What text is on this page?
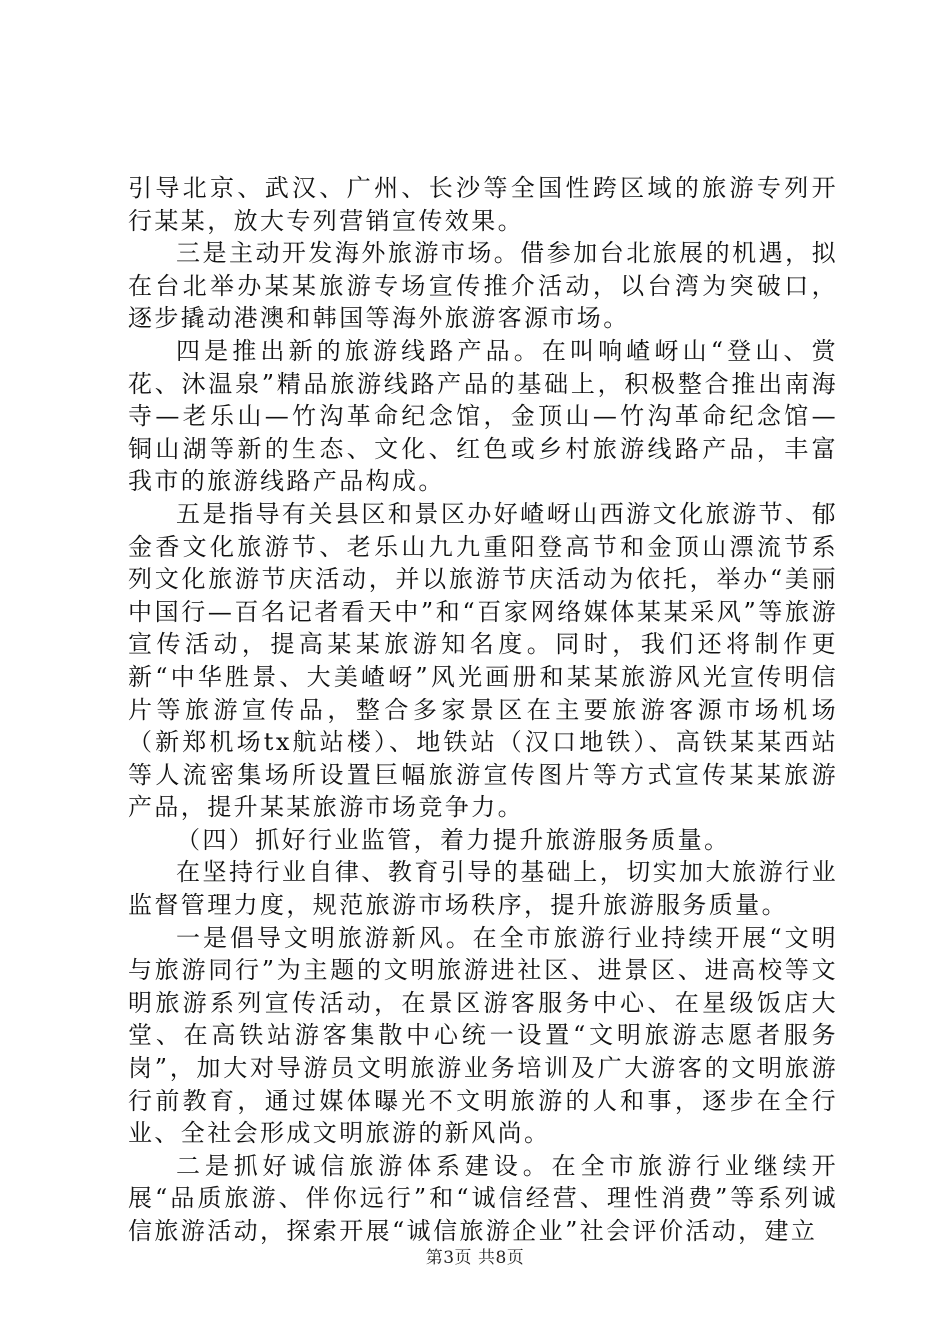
引导北京、武汉、广州、长沙等全国性跨区域的旅游专列开行某某，放大专列营销宣传效果。

三是主动开发海外旅游市场。借参加台北旅展的机遇，拟在台北举办某某旅游专场宣传推介活动，以台湾为突破口，逐步撬动港澳和韩国等海外旅游客源市场。

四是推出新的旅游线路产品。在叫响嵖岈山“登山、赏花、沐温泉”精品旅游线路产品的基础上，积极整合推出南海寺—老乐山—竹沟革命纪念馆，金顶山—竹沟革命纪念馆—铜山湖等新的生态、文化、红色或乡村旅游线路产品，丰富我市的旅游线路产品构成。

五是指导有关县区和景区办好嵖岈山西游文化旅游节、郁金香文化旅游节、老乐山九九重阳登高节和金顶山漂流节系列文化旅游节庆活动，并以旅游节庆活动为依托，举办“美丽中国行—百名记者看天中”和“百家网络媒体某某采风”等旅游宣传活动，提高某某旅游知名度。同时，我们还将制作更新“中华胜景、大美嵖岈”风光画册和某某旅游风光宣传明信片等旅游宣传品，整合多家景区在主要旅游客源市场机场（新郑机场tx航站楼）、地铁站（汉口地铁）、高铁某某西站等人流密集场所设置巨幅旅游宣传图片等方式宣传某某旅游产品，提升某某旅游市场竞争力。

（四）抓好行业监管，着力提升旅游服务质量。

在坚持行业自律、教育引导的基础上，切实加大旅游行业监督管理力度，规范旅游市场秩序，提升旅游服务质量。

一是倡导文明旅游新风。在全市旅游行业持续开展“文明与旅游同行”为主题的文明旅游进社区、进景区、进高校等文明旅游系列宣传活动，在景区游客服务中心、在星级饭店大堂、在高铁站游客集散中心统一设置“文明旅游志愿者服务岗”，加大对导游员文明旅游业务培训及广大游客的文明旅游行前教育，通过媒体曝光不文明旅游的人和事，逐步在全行业、全社会形成文明旅游的新风尚。

二是抓好诚信旅游体系建设。在全市旅游行业继续开展“品质旅游、伴你远行”和“诚信经营、理性消费”等系列诚信旅游活动，探索开展“诚信旅游企业”社会评价活动，建立

第3页 共8页
